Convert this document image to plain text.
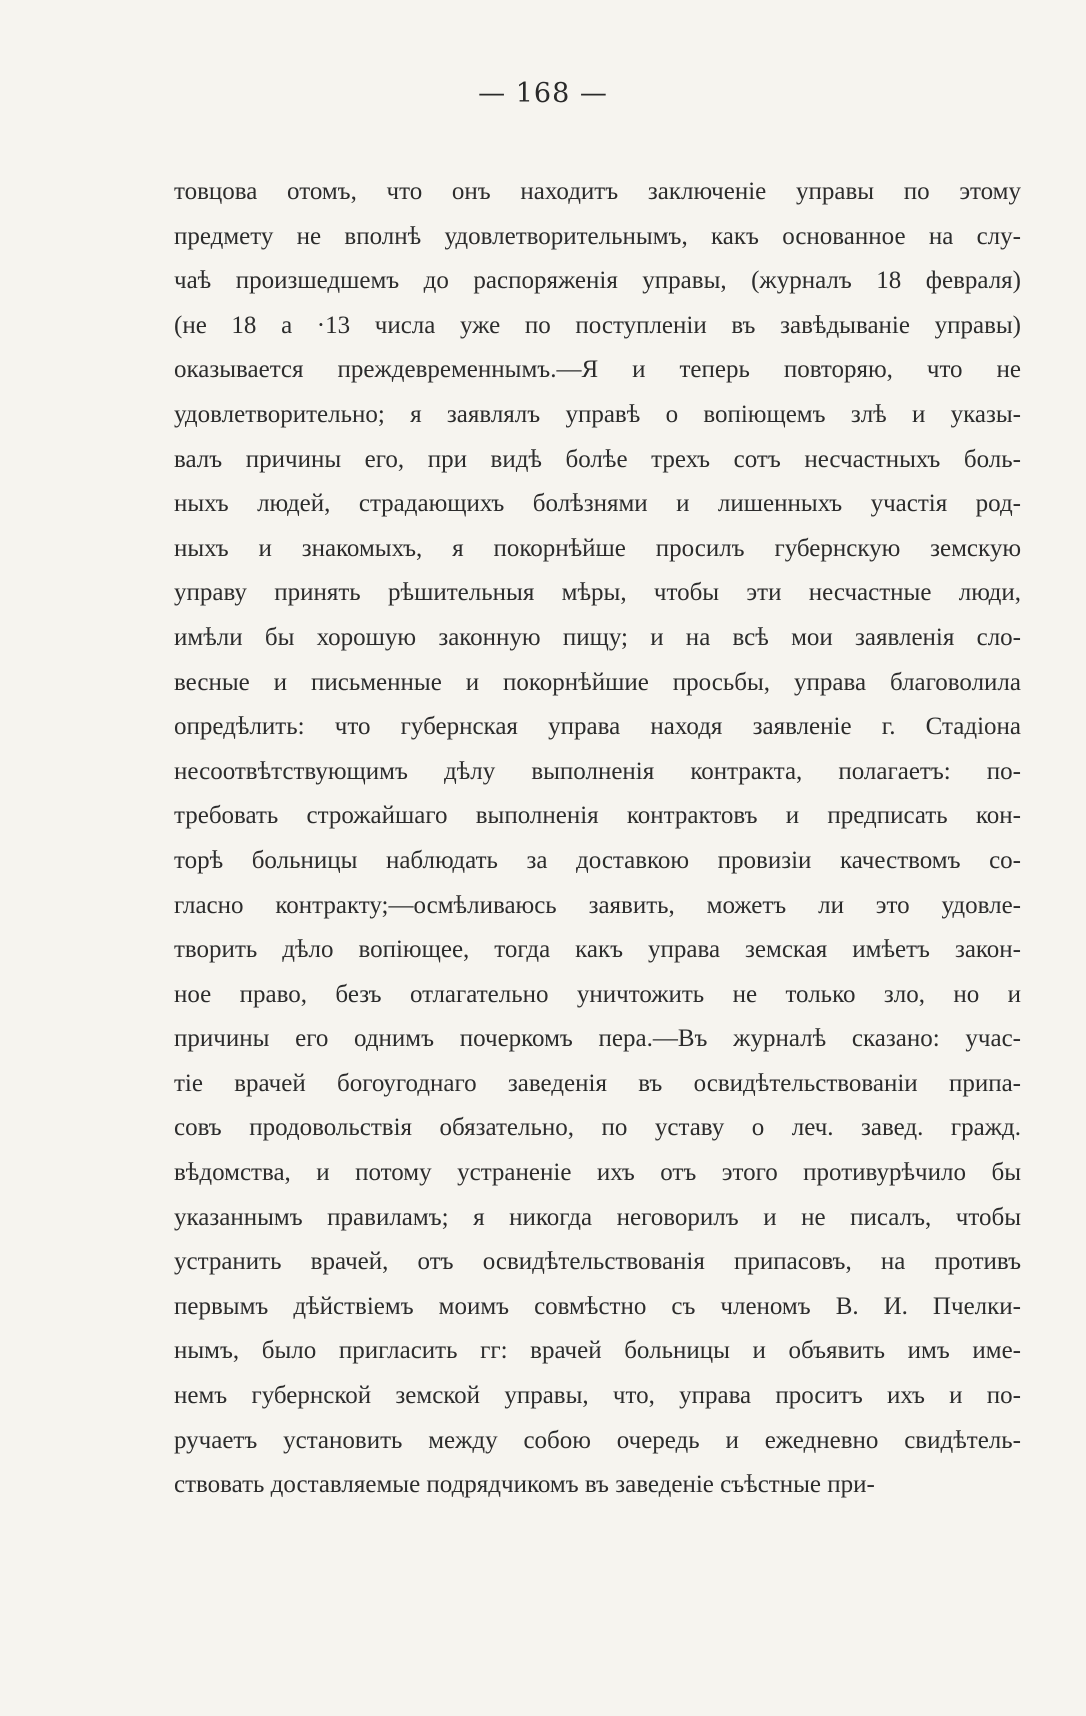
— 168 —
товцова отомъ, что онъ находитъ заключенiе управы по этому
предмету не вполнѣ удовлетворительнымъ, какъ основанное на слу-
чаѣ произшедшемъ до распоряженiя управы, (журналъ 18 февраля)
(не 18 а ·13 числа уже по поступленiи въ завѣдыванiе управы)
оказывается преждевременнымъ.—Я и теперь повторяю, что не
удовлетворительно; я заявлялъ управѣ о вопiющемъ злѣ и указы-
валъ причины его, при видѣ болѣе трехъ сотъ несчастныхъ боль-
ныхъ людей, страдающихъ болѣзнями и лишенныхъ участiя род-
ныхъ и знакомыхъ, я покорнѣйше просилъ губернскую земскую
управу принять рѣшительныя мѣры, чтобы эти несчастные люди,
имѣли бы хорошую законную пищу; и на всѣ мои заявленiя сло-
весные и письменные и покорнѣйшие просьбы, управа благоволила
опредѣлить: что губернская управа находя заявленiе г. Стадiона
несоотвѣтствующимъ дѣлу выполненiя контракта, полагаетъ: по-
требовать строжайшаго выполненiя контрактовъ и предписать кон-
торѣ больницы наблюдать за доставкою провизiи качествомъ со-
гласно контракту;—осмѣливаюсь заявить, можетъ ли это удовле-
творить дѣло вопiющее, тогда какъ управа земская имѣетъ закон-
ное право, безъ отлагательно уничтожить не только зло, но и
причины его однимъ почеркомъ пера.—Въ журналѣ сказано: учас-
тiе врачей богоугоднаго заведенiя въ освидѣтельствованiи припа-
совъ продовольствiя обязательно, по уставу о леч. завед. гражд.
вѣдомства, и потому устраненiе ихъ отъ этого противурѣчило бы
указаннымъ правиламъ; я никогда неговорилъ и не писалъ, чтобы
устранить врачей, отъ освидѣтельствованiя припасовъ, на противъ
первымъ дѣйствiемъ моимъ совмѣстно съ членомъ В. И. Пчелки-
нымъ, было пригласить гг: врачей больницы и объявить имъ име-
немъ губернской земской управы, что, управа проситъ ихъ и по-
ручаетъ установить между собою очередь и ежедневно свидѣтель-
ствовать доставляемые подрядчикомъ въ заведенiе съѣстные при-
